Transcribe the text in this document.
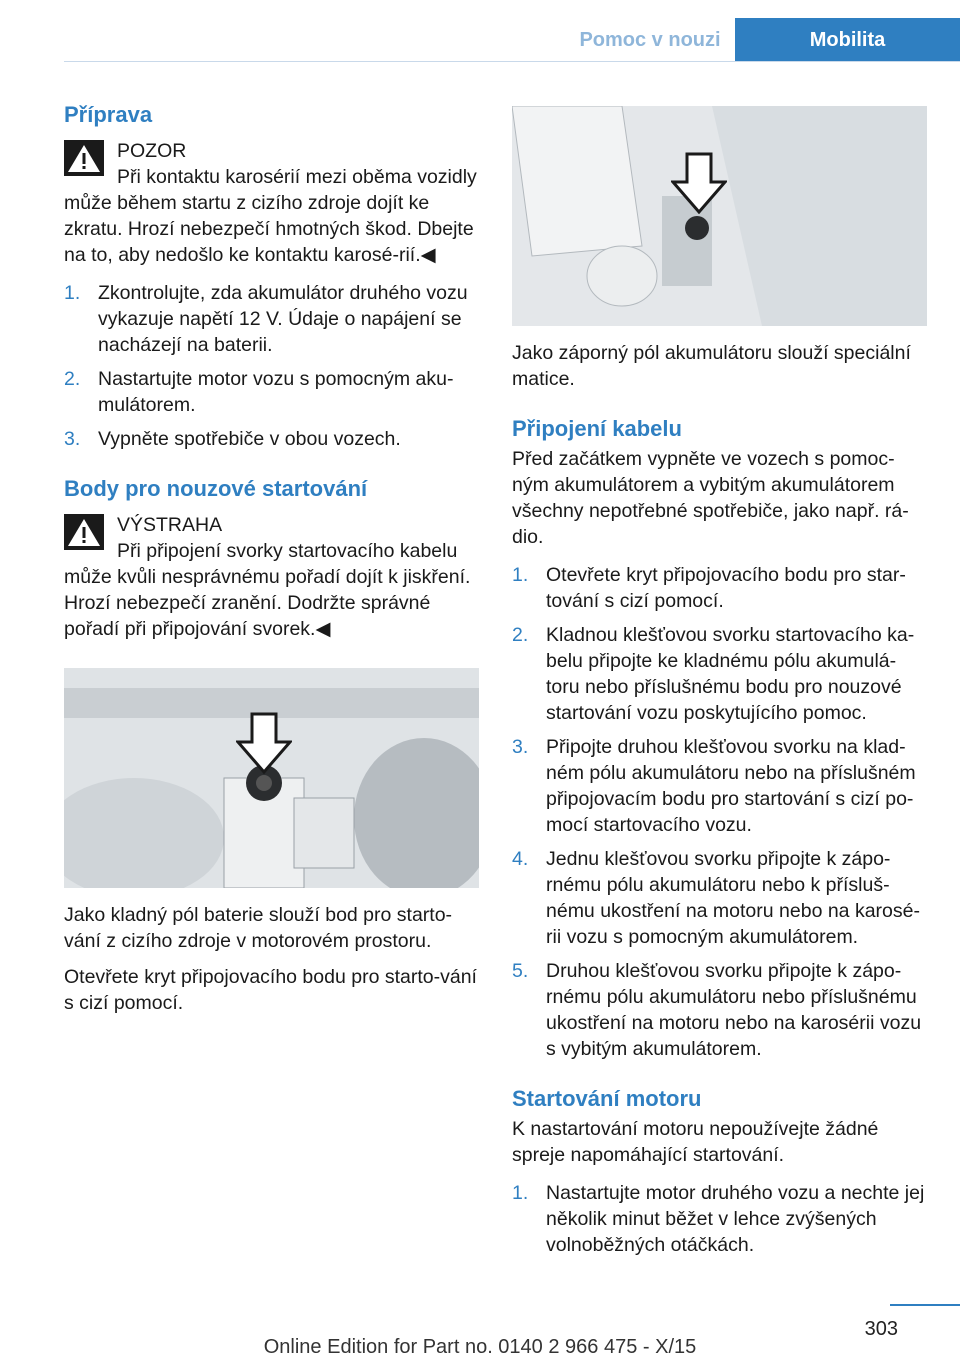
Pomoc v nouzi	Mobilita
Příprava
POZOR

Při kontaktu karosérií mezi oběma vozidly může během startu z cizího zdroje dojít ke zkratu. Hrozí nebezpečí hmotných škod. Dbejte na to, aby nedošlo ke kontaktu karosé‐rií.◀

1. Zkontrolujte, zda akumulátor druhého vozu vykazuje napětí 12 V. Údaje o napájení se nacházejí na baterii.
2. Nastartujte motor vozu s pomocným aku‐mulátorem.
3. Vypněte spotřebiče v obou vozech.
Body pro nouzové startování
VÝSTRAHA

Při připojení svorky startovacího kabelu může kvůli nesprávnému pořadí dojít k jiskření. Hrozí nebezpečí zranění. Dodržte správné pořadí při připojování svorek.◀

Jako kladný pól baterie slouží bod pro starto‐vání z cizího zdroje v motorovém prostoru.

Otevřete kryt připojovacího bodu pro starto‐vání s cizí pomocí.

Jako záporný pól akumulátoru slouží speciální matice.

Připojení kabelu

Před začátkem vypněte ve vozech s pomoc‐ným akumulátorem a vybitým akumulátorem všechny nepotřebné spotřebiče, jako např. rá‐dio.

1. Otevřete kryt připojovacího bodu pro star‐tování s cizí pomocí.
2. Kladnou klešťovou svorku startovacího ka‐belu připojte ke kladnému pólu akumulá‐toru nebo příslušnému bodu pro nouzové startování vozu poskytujícího pomoc.
3. Připojte druhou klešťovou svorku na klad‐ném pólu akumulátoru nebo na příslušném připojovacím bodu pro startování s cizí po‐mocí startovacího vozu.
4. Jednu klešťovou svorku připojte k zápo‐rnému pólu akumulátoru nebo k přísluš‐nému ukostření na motoru nebo na karosé‐rii vozu s pomocným akumulátorem.
5. Druhou klešťovou svorku připojte k zápo‐rnému pólu akumulátoru nebo příslušnému ukostření na motoru nebo na karosérii vozu s vybitým akumulátorem.
Startování motoru

K nastartování motoru nepoužívejte žádné spreje napomáhající startování.

1. Nastartujte motor druhého vozu a nechte jej několik minut běžet v lehce zvýšených volnoběžných otáčkách.
303
Online Edition for Part no. 0140 2 966 475 - X/15
